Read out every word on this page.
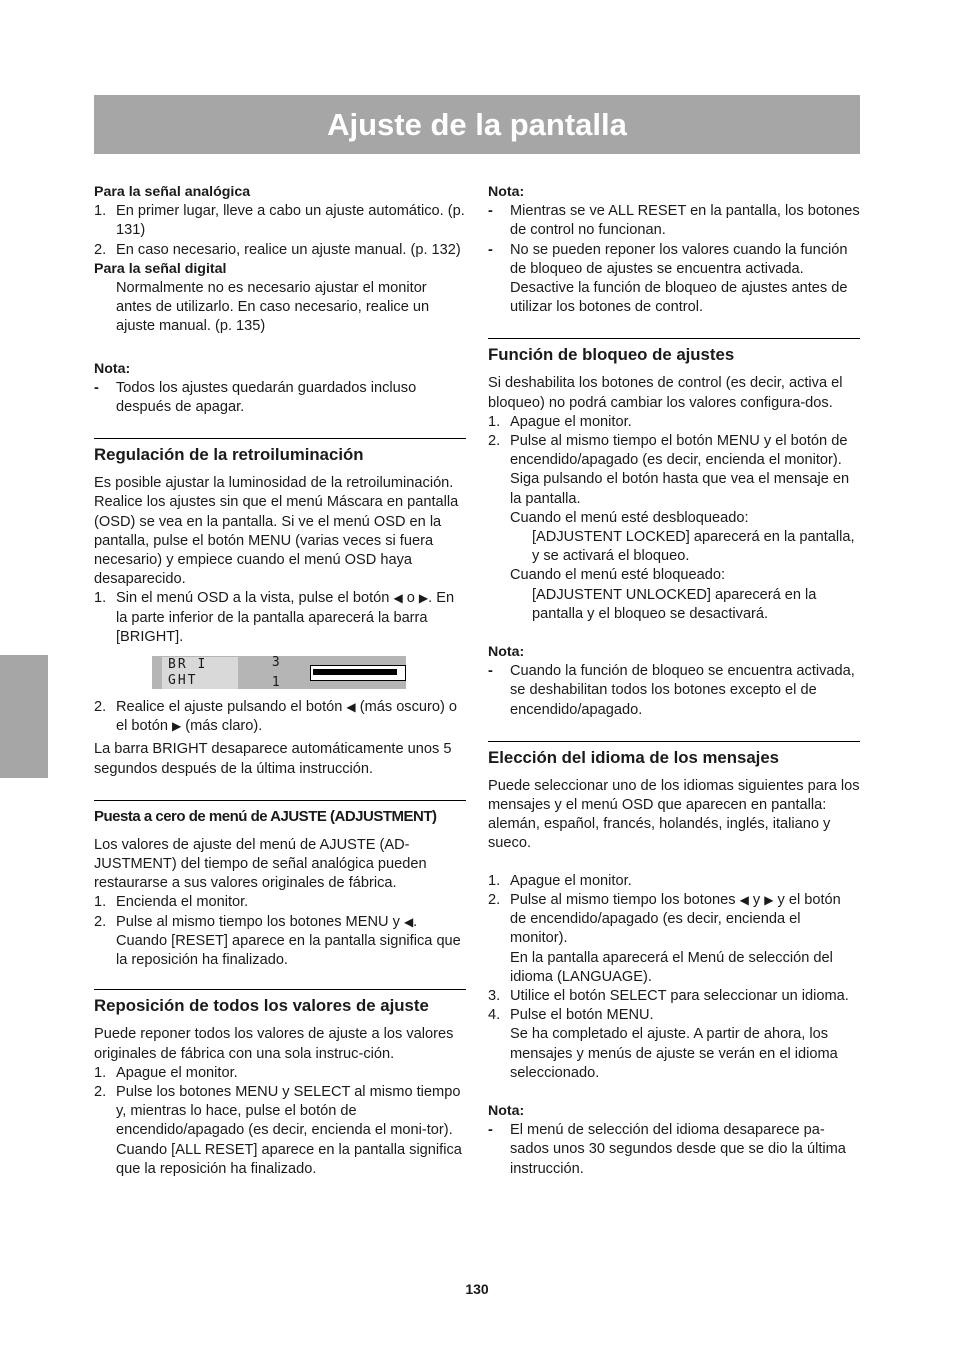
Ajuste de la pantalla

Para la señal analógica

1. En primer lugar, lleve a cabo un ajuste automático. (p. 131)
2. En caso necesario, realice un ajuste manual. (p. 132)

Para la señal digital

Normalmente no es necesario ajustar el monitor antes de utilizarlo. En caso necesario, realice un ajuste manual. (p. 135)

Nota:

-	Todos los ajustes quedarán guardados incluso después de apagar.
Regulación de la retroiluminación

Es posible ajustar la luminosidad de la retroiluminación. Realice los ajustes sin que el menú Máscara en pantalla (OSD) se vea en la pantalla. Si ve el menú OSD en la pantalla, pulse el botón MENU (varias veces si fuera necesario) y empiece cuando el menú OSD haya desaparecido.

1. Sin el menú OSD a la vista, pulse el botón ◀ o ▶. En la parte inferior de la pantalla aparecerá la barra [BRIGHT].
BR I GHT
3 1
2. Realice el ajuste pulsando el botón ◀ (más oscuro) o el botón ▶ (más claro).

La barra BRIGHT desaparece automáticamente unos 5 segundos después de la última instrucción.

Puesta a cero de menú de AJUSTE (ADJUSTMENT)

Los valores de ajuste del menú de AJUSTE (AD-JUSTMENT) del tiempo de señal analógica pueden restaurarse a sus valores originales de fábrica.

1. Encienda el monitor.
2. Pulse al mismo tiempo los botones MENU y ◀. Cuando [RESET] aparece en la pantalla significa que la reposición ha finalizado.
Reposición de todos los valores de ajuste

Puede reponer todos los valores de ajuste a los valores originales de fábrica con una sola instruc-ción.

1. Apague el monitor.
2. Pulse los botones MENU y SELECT al mismo tiempo y, mientras lo hace, pulse el botón de encendido/apagado (es decir, encienda el moni-tor). Cuando [ALL RESET] aparece en la pantalla significa que la reposición ha finalizado.

Nota:

-	Mientras se ve ALL RESET en la pantalla, los botones de control no funcionan.
-	No se pueden reponer los valores cuando la función de bloqueo de ajustes se encuentra activada. Desactive la función de bloqueo de ajustes antes de utilizar los botones de control.
Función de bloqueo de ajustes

Si deshabilita los botones de control (es decir, activa el bloqueo) no podrá cambiar los valores configura-dos.

1. Apague el monitor.
2. Pulse al mismo tiempo el botón MENU y el botón de encendido/apagado (es decir, encienda el monitor).

Siga pulsando el botón hasta que vea el mensaje en la pantalla.

Cuando el menú esté desbloqueado:

[ADJUSTENT LOCKED] aparecerá en la pantalla, y se activará el bloqueo.

Cuando el menú esté bloqueado:

[ADJUSTENT UNLOCKED] aparecerá en la pantalla y el bloqueo se desactivará.

Nota:

-	Cuando la función de bloqueo se encuentra activada, se deshabilitan todos los botones excepto el de encendido/apagado.
Elección del idioma de los mensajes

Puede seleccionar uno de los idiomas siguientes para los mensajes y el menú OSD que aparecen en pantalla: alemán, español, francés, holandés, inglés, italiano y sueco.

1. Apague el monitor.
2. Pulse al mismo tiempo los botones ◀ y ▶ y el botón de encendido/apagado (es decir, encienda el monitor).

En la pantalla aparecerá el Menú de selección del idioma (LANGUAGE).

3. Utilice el botón SELECT para seleccionar un idioma.
4. Pulse el botón MENU.

Se ha completado el ajuste. A partir de ahora, los mensajes y menús de ajuste se verán en el idioma seleccionado.

Nota:

-	El menú de selección del idioma desaparece pa-sados unos 30 segundos desde que se dio la última instrucción.
130
